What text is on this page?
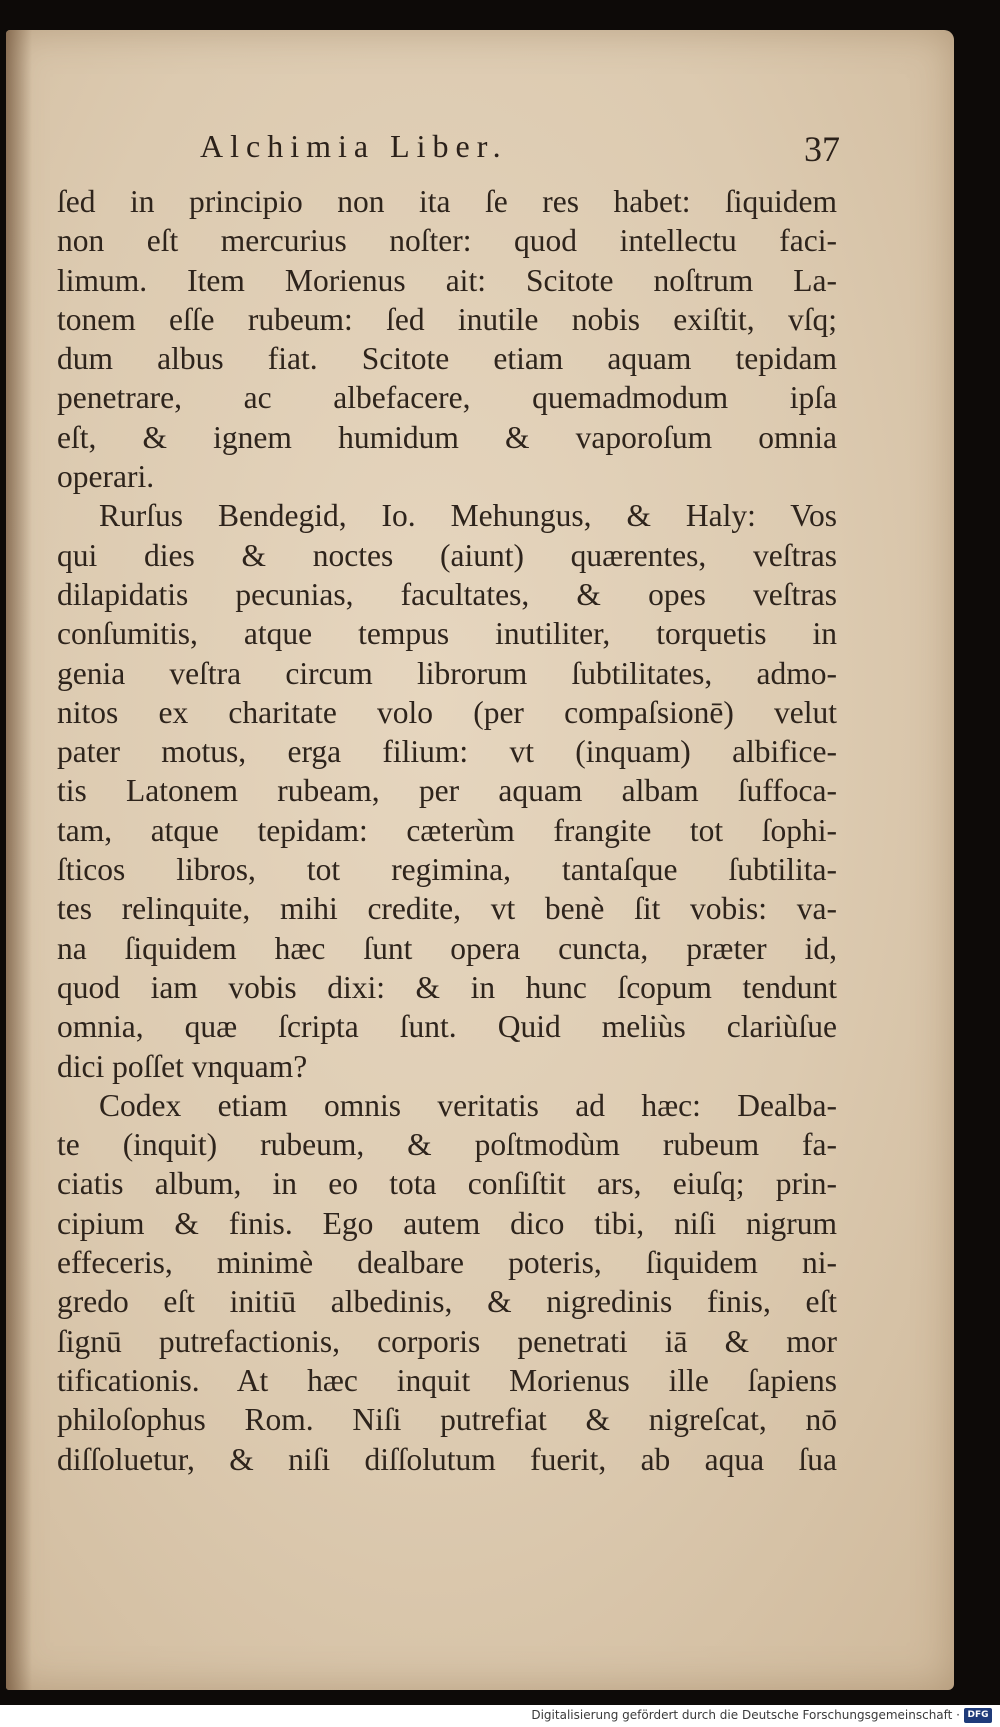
Alchimia Liber.	37
ſed in principio non ita ſe res habet: ſiquidem
non eſt mercurius noſter: quod intellectu faci-
limum. Item Morienus ait: Scitote noſtrum La-
tonem eſſe rubeum: ſed inutile nobis exiſtit, vſq;
dum albus fiat. Scitote etiam aquam tepidam
penetrare, ac albefacere, quemadmodum ipſa
eſt, & ignem humidum & vaporoſum omnia
operari.
Rurſus Bendegid, Io. Mehungus, & Haly: Vos
qui dies & noctes (aiunt) quærentes, veſtras
dilapidatis pecunias, facultates, & opes veſtras
conſumitis, atque tempus inutiliter, torquetis in
genia veſtra circum librorum ſubtilitates, admo-
nitos ex charitate volo (per compaſsionē) velut
pater motus, erga filium: vt (inquam) albifice-
tis Latonem rubeam, per aquam albam ſuffoca-
tam, atque tepidam: cæterùm frangite tot ſophi-
ſticos libros, tot regimina, tantaſque ſubtilita-
tes relinquite, mihi credite, vt benè ſit vobis: va-
na ſiquidem hæc ſunt opera cuncta, præter id,
quod iam vobis dixi: & in hunc ſcopum tendunt
omnia, quæ ſcripta ſunt. Quid meliùs clariùſue
dici poſſet vnquam?
Codex etiam omnis veritatis ad hæc: Dealba-
te (inquit) rubeum, & poſtmodùm rubeum fa-
ciatis album, in eo tota conſiſtit ars, eiuſq; prin-
cipium & finis. Ego autem dico tibi, niſi nigrum
effeceris, minimè dealbare poteris, ſiquidem ni-
gredo eſt initiū albedinis, & nigredinis finis, eſt
ſignū putrefactionis, corporis penetrati iā & mor
tificationis. At hæc inquit Morienus ille ſapiens
philoſophus Rom. Niſi putrefiat & nigreſcat, nō
diſſoluetur, & niſi diſſolutum fuerit, ab aqua ſua
Digitalisierung gefördert durch die Deutsche Forschungsgemeinschaft · DFG
